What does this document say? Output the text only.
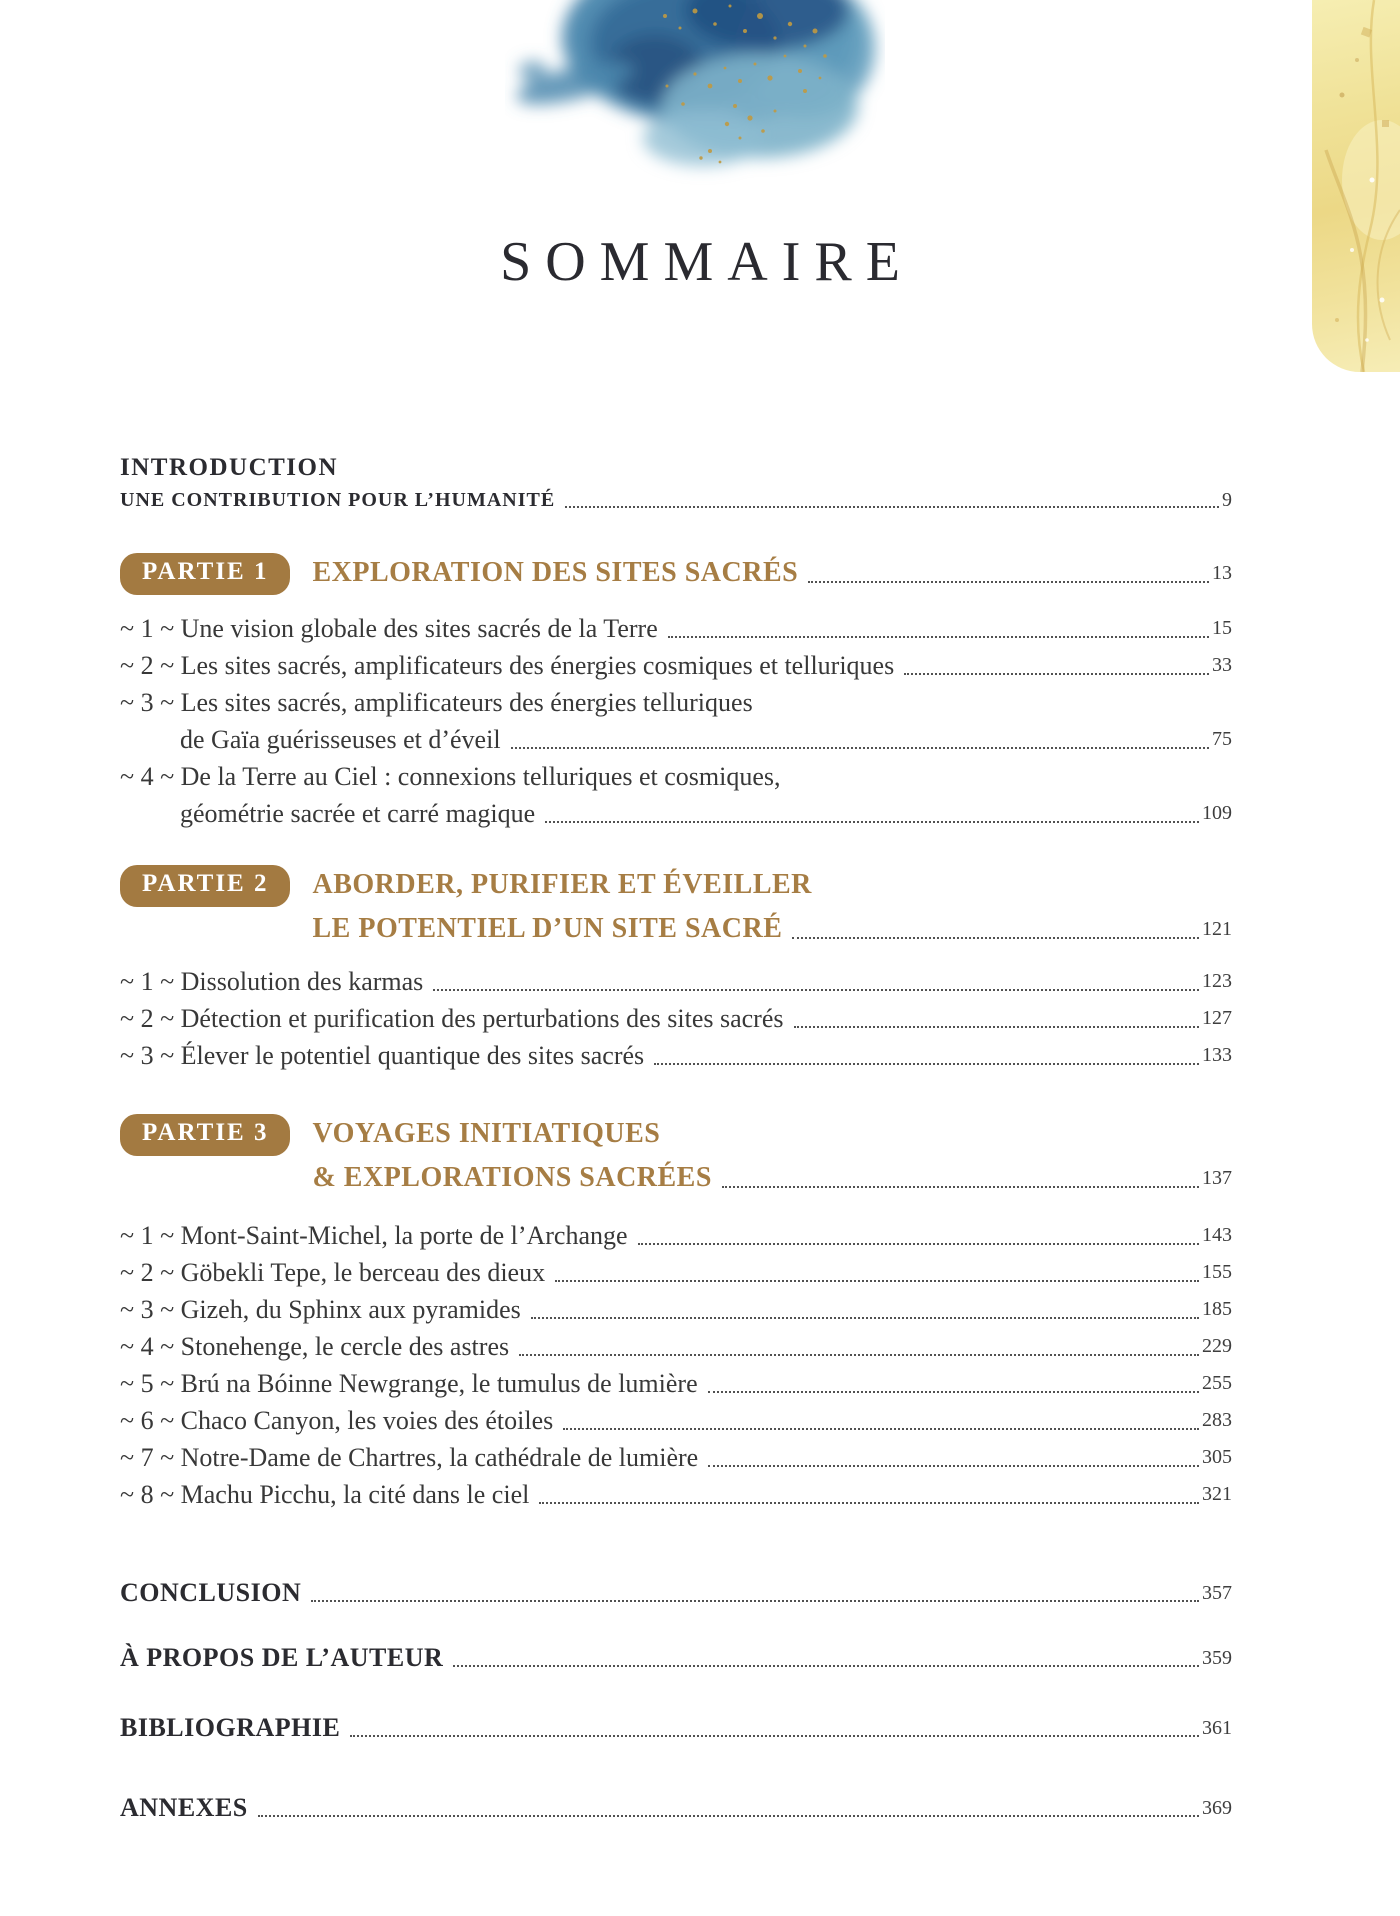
SOMMAIRE
INTRODUCTION
UNE CONTRIBUTION POUR L’HUMANITÉ	9
PARTIE 1	EXPLORATION DES SITES SACRÉS	13
~ 1 ~ Une vision globale des sites sacrés de la Terre	15
~ 2 ~ Les sites sacrés, amplificateurs des énergies cosmiques et telluriques	33
~ 3 ~ Les sites sacrés, amplificateurs des énergies telluriques
de Gaïa guérisseuses et d’éveil	75
~ 4 ~ De la Terre au Ciel : connexions telluriques et cosmiques,
géométrie sacrée et carré magique	109
PARTIE 2	ABORDER, PURIFIER ET ÉVEILLER
LE POTENTIEL D’UN SITE SACRÉ	121
~ 1 ~ Dissolution des karmas	123
~ 2 ~ Détection et purification des perturbations des sites sacrés	127
~ 3 ~ Élever le potentiel quantique des sites sacrés	133
PARTIE 3	VOYAGES INITIATIQUES
& EXPLORATIONS SACRÉES	137
~ 1 ~ Mont-Saint-Michel, la porte de l’Archange	143
~ 2 ~ Göbekli Tepe, le berceau des dieux	155
~ 3 ~ Gizeh, du Sphinx aux pyramides	185
~ 4 ~ Stonehenge, le cercle des astres	229
~ 5 ~ Brú na Bóinne Newgrange, le tumulus de lumière	255
~ 6 ~ Chaco Canyon, les voies des étoiles	283
~ 7 ~ Notre-Dame de Chartres, la cathédrale de lumière	305
~ 8 ~ Machu Picchu, la cité dans le ciel	321
CONCLUSION	357
À PROPOS DE L’AUTEUR	359
BIBLIOGRAPHIE	361
ANNEXES	369
